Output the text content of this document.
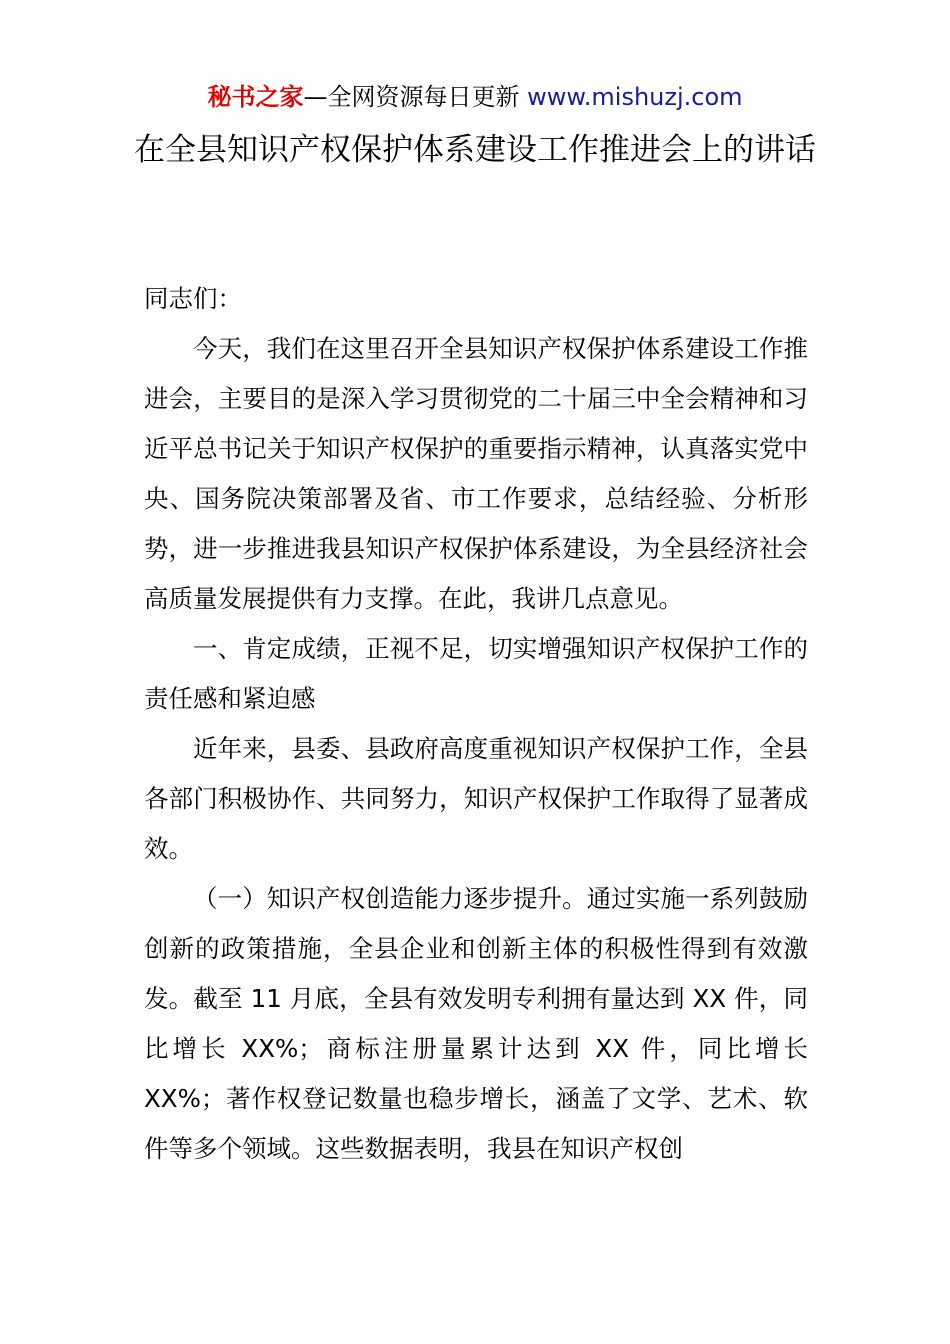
秘书之家—全网资源每日更新 www.mishuzj.com
在全县知识产权保护体系建设工作推进会上的讲话

同志们：

今天，我们在这里召开全县知识产权保护体系建设工作推进会，主要目的是深入学习贯彻党的二十届三中全会精神和习近平总书记关于知识产权保护的重要指示精神，认真落实党中央、国务院决策部署及省、市工作要求，总结经验、分析形势，进一步推进我县知识产权保护体系建设，为全县经济社会高质量发展提供有力支撑。在此，我讲几点意见。

一、肯定成绩，正视不足，切实增强知识产权保护工作的责任感和紧迫感

近年来，县委、县政府高度重视知识产权保护工作，全县各部门积极协作、共同努力，知识产权保护工作取得了显著成效。

（一）知识产权创造能力逐步提升。通过实施一系列鼓励创新的政策措施，全县企业和创新主体的积极性得到有效激发。截至 11 月底，全县有效发明专利拥有量达到 XX 件，同比增长 XX%；商标注册量累计达到 XX 件，同比增长 XX%；著作权登记数量也稳步增长，涵盖了文学、艺术、软件等多个领域。这些数据表明，我县在知识产权创
